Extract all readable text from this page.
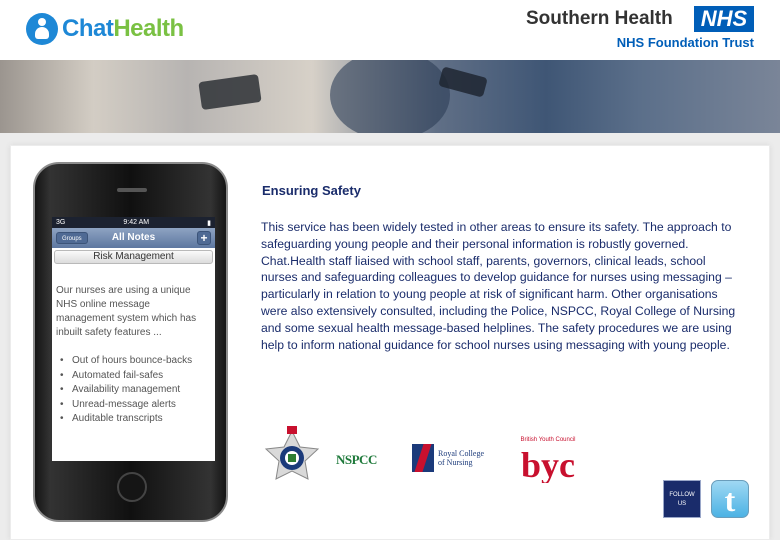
ChatHealth	Southern Health	NHS
NHS Foundation Trust
3G	9:42 AM	▮
Groups	All Notes	+
Risk Management
Our nurses are using a unique NHS online message management system which has inbuilt safety features ...
• Out of hours bounce-backs
• Automated fail-safes
• Availability management
• Unread-message alerts
• Auditable transcripts
Ensuring Safety
This service has been widely tested in other areas to ensure its safety. The approach to safeguarding young people and their personal information is robustly governed. Chat.Health staff liaised with school staff, parents, governors, clinical leads, school nurses and safeguarding colleagues to develop guidance for nurses using messaging – particularly in relation to young people at risk of significant harm. Other organisations were also extensively consulted, including the Police, NSPCC, Royal College of Nursing and some sexual health message-based helplines. The safety procedures we are using help to inform national guidance for school nurses using messaging with young people.
NSPCC	Royal College
of Nursing
British Youth Council
byc
FOLLOW
US	t
